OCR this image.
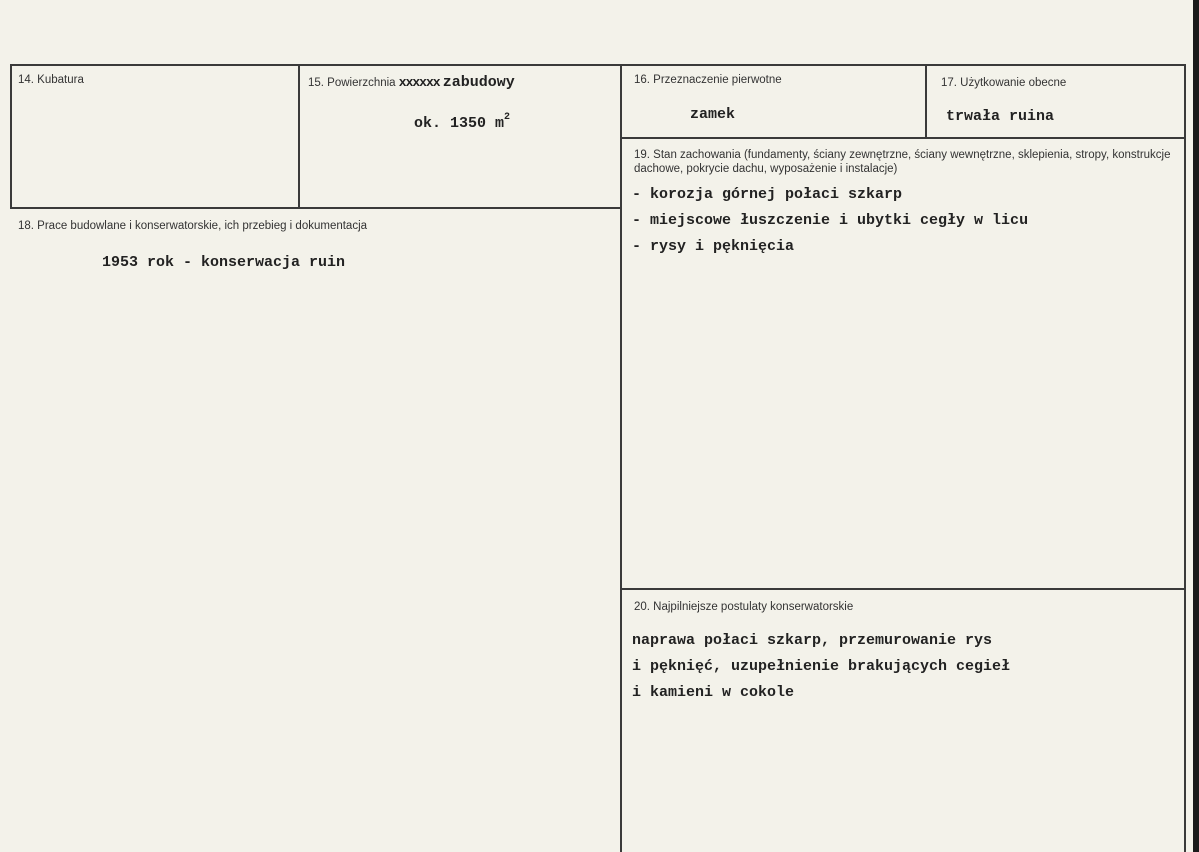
14. Kubatura	15. Powierzchnia xxxxxx zabudowy
ok. 1350 $m^2$
16. Przeznaczenie pierwotne
zamek
17. Użytkowanie obecne
trwała ruina
18. Prace budowlane i konserwatorskie, ich przebieg i dokumentacja
1953 rok - konserwacja ruin
19. Stan zachowania (fundamenty, ściany zewnętrzne, ściany wewnętrzne, sklepienia, stropy, konstrukcje dachowe, pokrycie dachu, wyposażenie i instalacje)
- korozja górnej połaci szkarp
- miejscowe łuszczenie i ubytki cegły w licu
- rysy i pęknięcia
20. Najpilniejsze postulaty konserwatorskie
naprawa połaci szkarp, przemurowanie rys
i pęknięć, uzupełnienie brakujących cegieł
i kamieni w cokole
